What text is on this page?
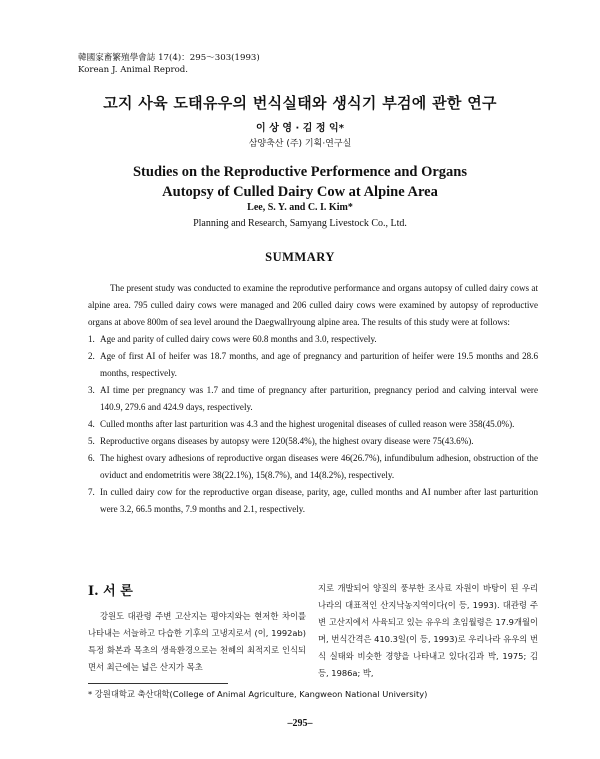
韓國家畜繁殖學會誌 17(4)：295～303(1993)
Korean J. Animal Reprod.
고지 사육 도태유우의 번식실태와 생식기 부검에 관한 연구
이 상 영 · 김 정 익*
삼양축산 (주) 기획·연구실
Studies on the Reproductive Performence and Organs
Autopsy of Culled Dairy Cow at Alpine Area
Lee, S. Y. and C. I. Kim*
Planning and Research, Samyang Livestock Co., Ltd.
SUMMARY

The present study was conducted to examine the reprodutive performance and organs autopsy of culled dairy cows at alpine area. 795 culled dairy cows were managed and 206 culled dairy cows were examined by autopsy of reproductive organs at above 800m of sea level around the Daegwallryoung alpine area. The results of this study were at follows:

1. Age and parity of culled dairy cows were 60.8 months and 3.0, respectively.
2. Age of first AI of heifer was 18.7 months, and age of pregnancy and parturition of heifer were 19.5 months and 28.6 months, respectively.
3. AI time per pregnancy was 1.7 and time of pregnancy after parturition, pregnancy period and calving interval were 140.9, 279.6 and 424.9 days, respectively.
4. Culled months after last parturition was 4.3 and the highest urogenital diseases of culled reason were 358(45.0%).
5. Reproductive organs diseases by autopsy were 120(58.4%), the highest ovary disease were 75(43.6%).
6. The highest ovary adhesions of reproductive organ diseases were 46(26.7%), infundibulum adhesion, obstruction of the oviduct and endometritis were 38(22.1%), 15(8.7%), and 14(8.2%), respectively.
7. In culled dairy cow for the reproductive organ disease, parity, age, culled months and AI number after last parturition were 3.2, 66.5 months, 7.9 months and 2.1, respectively.
I. 서 론

강원도 대관령 주변 고산지는 평야지와는 현저한 차이를 나타내는 서늘하고 다습한 기후의 고냉지로서 (이, 1992ab) 특정 화본과 목초의 생육환경으로는 천혜의 최적지로 인식되면서 최근에는 넓은 산지가 목초

지로 개발되어 양질의 풍부한 조사료 자원이 바탕이 된 우리나라의 대표적인 산지낙농지역이다(이 등, 1993). 대관령 주변 고산지에서 사육되고 있는 유우의 초임월령은 17.9개월이며, 번식간격은 410.3일(이 등, 1993)로 우리나라 유우의 번식 실태와 비슷한 경향을 나타내고 있다(김과 박, 1975; 김 등, 1986a; 박,

* 강원대학교 축산대학(College of Animal Agriculture, Kangweon National University)
–295–
